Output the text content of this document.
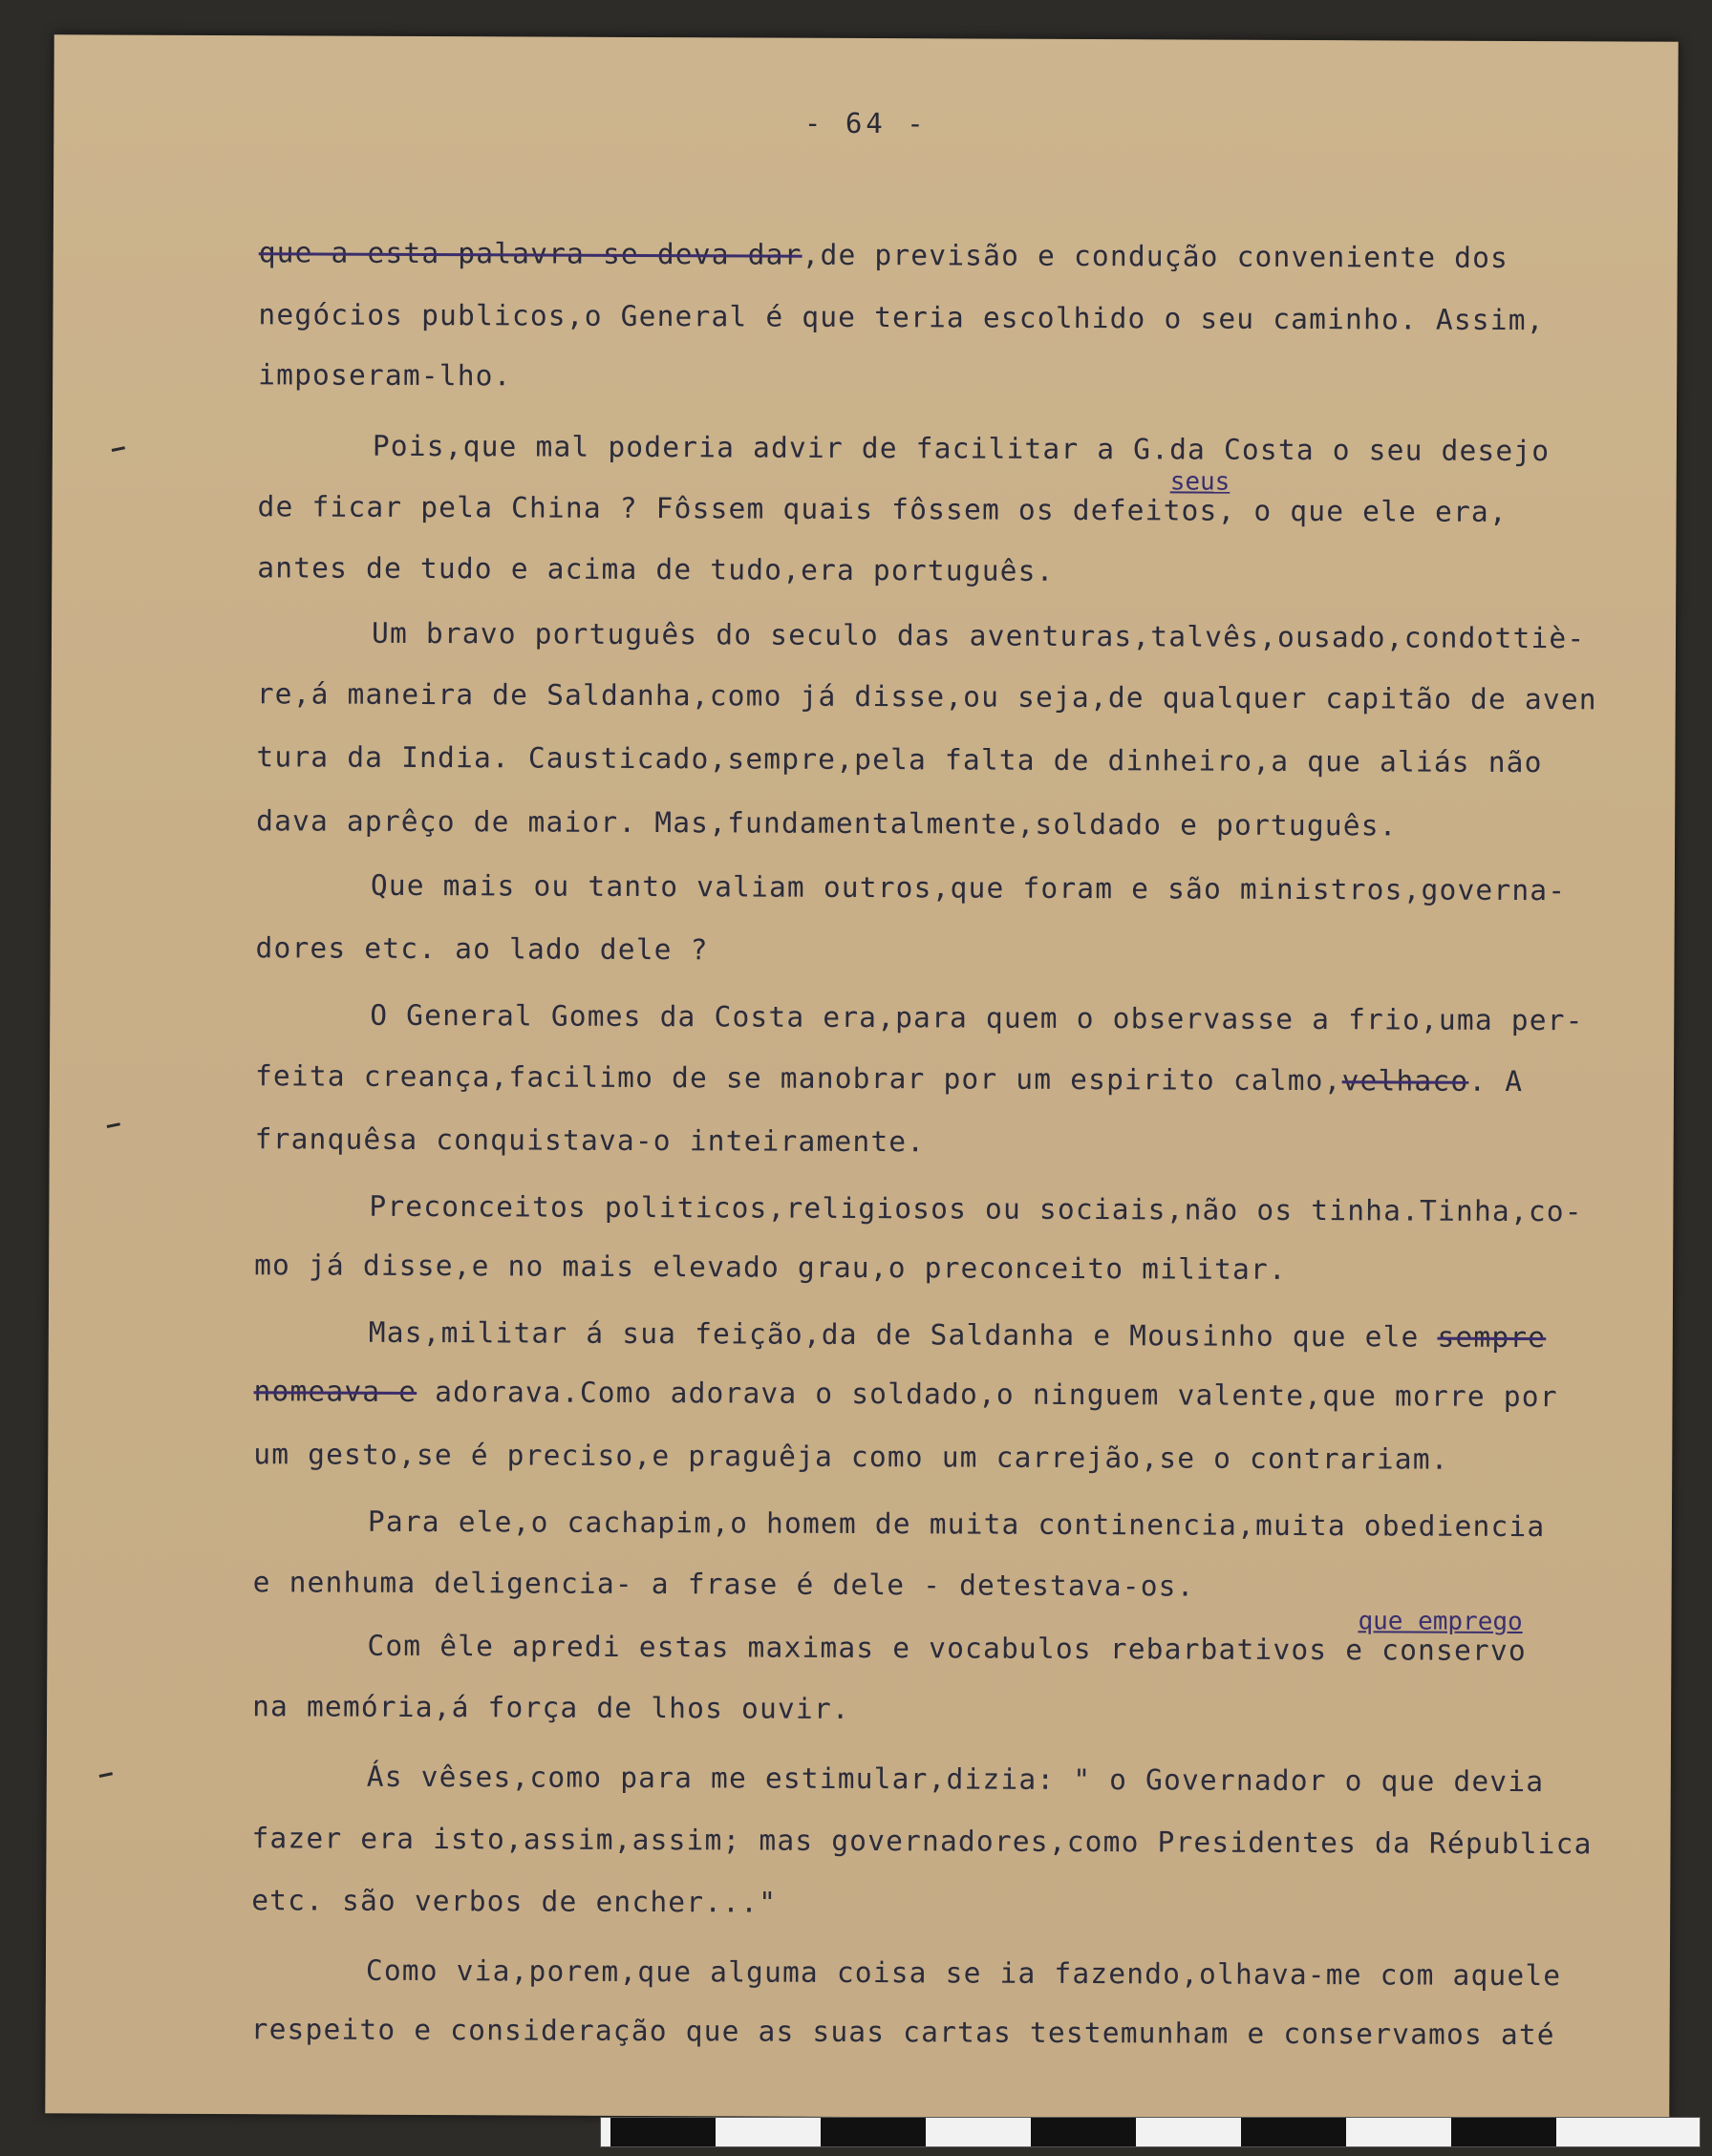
- 64 -
que a esta palavra se deva dar,de previsão e condução conveniente dos
negócios publicos,o General é que teria escolhido o seu caminho. Assim,
imposeram-lho.
Pois,que mal poderia advir de facilitar a G.da Costa o seu desejo
seus
de ficar pela China ? Fôssem quais fôssem os defeitos, o que ele era,
antes de tudo e acima de tudo,era português.
Um bravo português do seculo das aventuras,talvês,ousado,condottiè-
re,á maneira de Saldanha,como já disse,ou seja,de qualquer capitão de aven
tura da India. Causticado,sempre,pela falta de dinheiro,a que aliás não
dava aprêço de maior. Mas,fundamentalmente,soldado e português.
Que mais ou tanto valiam outros,que foram e são ministros,governa-
dores etc. ao lado dele ?
O General Gomes da Costa era,para quem o observasse a frio,uma per-
feita creança,facilimo de se manobrar por um espirito calmo,velhaco. A
franquêsa conquistava-o inteiramente.
Preconceitos politicos,religiosos ou sociais,não os tinha.Tinha,co-
mo já disse,e no mais elevado grau,o preconceito militar.
Mas,militar á sua feição,da de Saldanha e Mousinho que ele sempre
nomeava e adorava.Como adorava o soldado,o ninguem valente,que morre por
um gesto,se é preciso,e praguêja como um carrejão,se o contrariam.
Para ele,o cachapim,o homem de muita continencia,muita obediencia
e nenhuma deligencia- a frase é dele - detestava-os.
que emprego
Com êle apredi estas maximas e vocabulos rebarbativos e conservo
na memória,á força de lhos ouvir.
Ás vêses,como para me estimular,dizia: " o Governador o que devia
fazer era isto,assim,assim; mas governadores,como Presidentes da Républica
etc. são verbos de encher..."
Como via,porem,que alguma coisa se ia fazendo,olhava-me com aquele
respeito e consideração que as suas cartas testemunham e conservamos até
